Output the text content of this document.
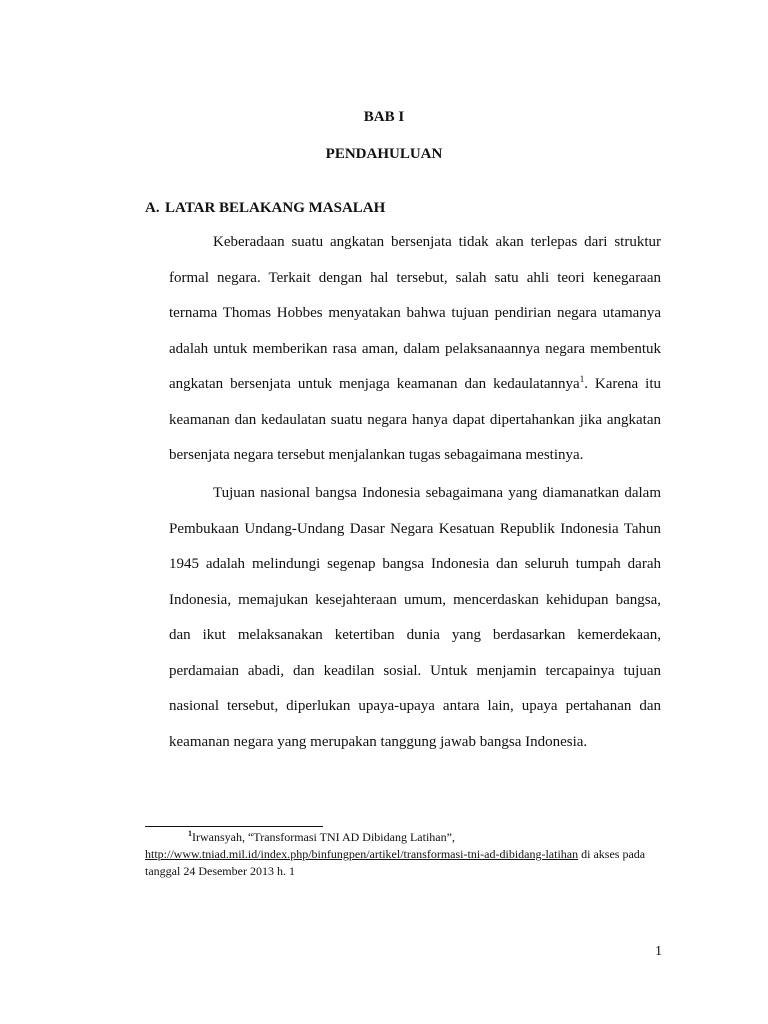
BAB I
PENDAHULUAN
A. LATAR BELAKANG MASALAH

Keberadaan suatu angkatan bersenjata tidak akan terlepas dari struktur formal negara. Terkait dengan hal tersebut, salah satu ahli teori kenegaraan ternama Thomas Hobbes menyatakan bahwa tujuan pendirian negara utamanya adalah untuk memberikan rasa aman, dalam pelaksanaannya negara membentuk angkatan bersenjata untuk menjaga keamanan dan kedaulatannya$^1$. Karena itu keamanan dan kedaulatan suatu negara hanya dapat dipertahankan jika angkatan bersenjata negara tersebut menjalankan tugas sebagaimana mestinya.

Tujuan nasional bangsa Indonesia sebagaimana yang diamanatkan dalam Pembukaan Undang-Undang Dasar Negara Kesatuan Republik Indonesia Tahun 1945 adalah melindungi segenap bangsa Indonesia dan seluruh tumpah darah Indonesia, memajukan kesejahteraan umum, mencerdaskan kehidupan bangsa, dan ikut melaksanakan ketertiban dunia yang berdasarkan kemerdekaan, perdamaian abadi, dan keadilan sosial. Untuk menjamin tercapainya tujuan nasional tersebut, diperlukan upaya-upaya antara lain, upaya pertahanan dan keamanan negara yang merupakan tanggung jawab bangsa Indonesia.

$^1$Irwansyah, “Transformasi TNI AD Dibidang Latihan”,
http://www.tniad.mil.id/index.php/binfungpen/artikel/transformasi-tni-ad-dibidang-latihan di akses pada tanggal 24 Desember 2013 h. 1

1
